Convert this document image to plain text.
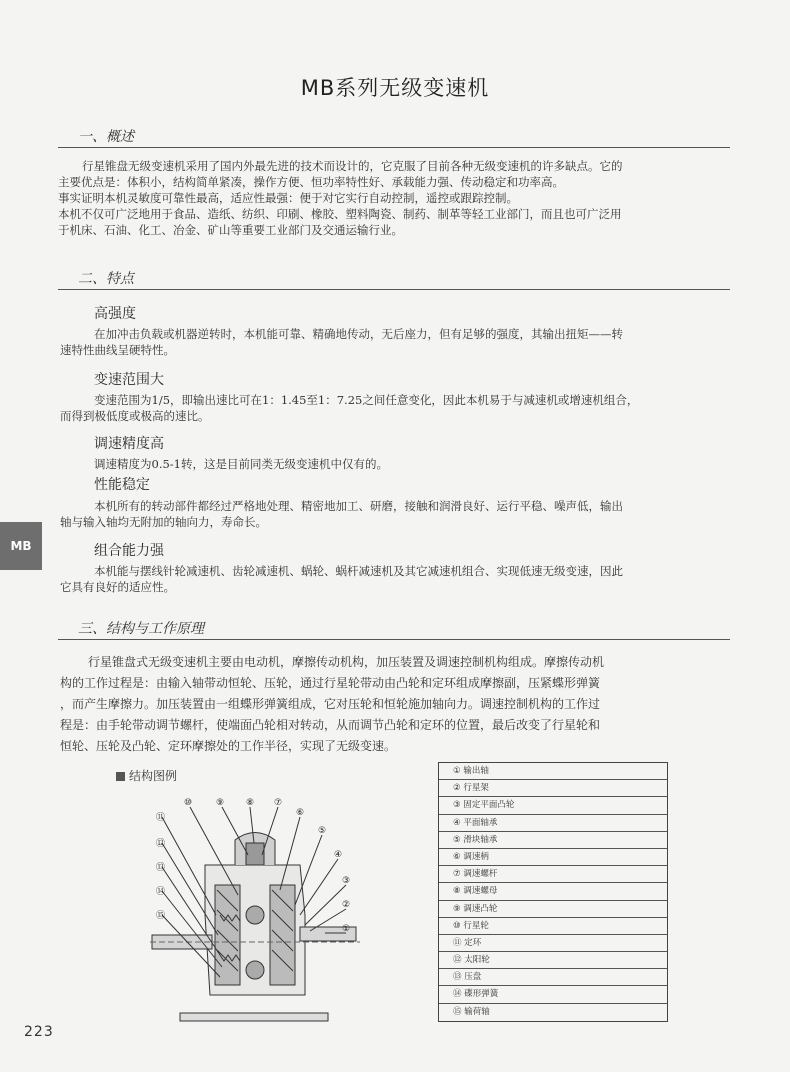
MB系列无级变速机
一、概述
行星锥盘无级变速机采用了国内外最先进的技术而设计的，它克服了目前各种无级变速机的许多缺点。它的
主要优点是：体积小，结构简单紧凑，操作方便、恒功率特性好、承载能力强、传动稳定和功率高。
事实证明本机灵敏度可靠性最高，适应性最强：便于对它实行自动控制，遥控或跟踪控制。
本机不仅可广泛地用于食品、造纸、纺织、印刷、橡胶、塑料陶瓷、制药、制革等轻工业部门，而且也可广泛用
于机床、石油、化工、冶金、矿山等重要工业部门及交通运输行业。
二、特点
高强度
在加冲击负载或机器逆转时，本机能可靠、精确地传动，无后座力，但有足够的强度，其输出扭矩——转
速特性曲线呈硬特性。
变速范围大
变速范围为1/5，即输出速比可在1：1.45至1：7.25之间任意变化，因此本机易于与减速机或增速机组合，
而得到极低度或极高的速比。
调速精度高
调速精度为0.5-1转，这是目前同类无级变速机中仅有的。
性能稳定
本机所有的转动部件都经过严格地处理、精密地加工、研磨，接触和润滑良好、运行平稳、噪声低，输出
轴与输入轴均无附加的轴向力，寿命长。
组合能力强
本机能与摆线针轮减速机、齿轮减速机、蜗轮、蜗杆减速机及其它减速机组合、实现低速无级变速，因此
它具有良好的适应性。
MB
三、结构与工作原理
行星锥盘式无级变速机主要由电动机，摩擦传动机构，加压装置及调速控制机构组成。摩擦传动机
构的工作过程是：由输入轴带动恒轮、压轮，通过行星轮带动由凸轮和定环组成摩擦副，压紧蝶形弹簧
，而产生摩擦力。加压装置由一组蝶形弹簧组成，它对压轮和恒轮施加轴向力。调速控制机构的工作过
程是：由手轮带动调节螺杆，使端面凸轮相对转动，从而调节凸轮和定环的位置，最后改变了行星轮和
恒轮、压轮及凸轮、定环摩擦处的工作半径，实现了无级变速。
结构图例	① 输出轴
② 行星架
③ 固定平面凸轮
④ 平面轴承
⑤ 滑块轴承
⑥ 调速柄
⑦ 调速螺杆
⑧ 调速螺母
⑨ 调速凸轮
⑩ 行星轮
⑪ 定环
⑫ 太阳轮
⑬ 压盘
⑭ 碟形弹簧
⑮ 输荷轴
⑪
⑫
⑬
⑭
⑮
⑩	⑨ ⑧ ⑦
⑥
⑤
④
③
②
①
223
